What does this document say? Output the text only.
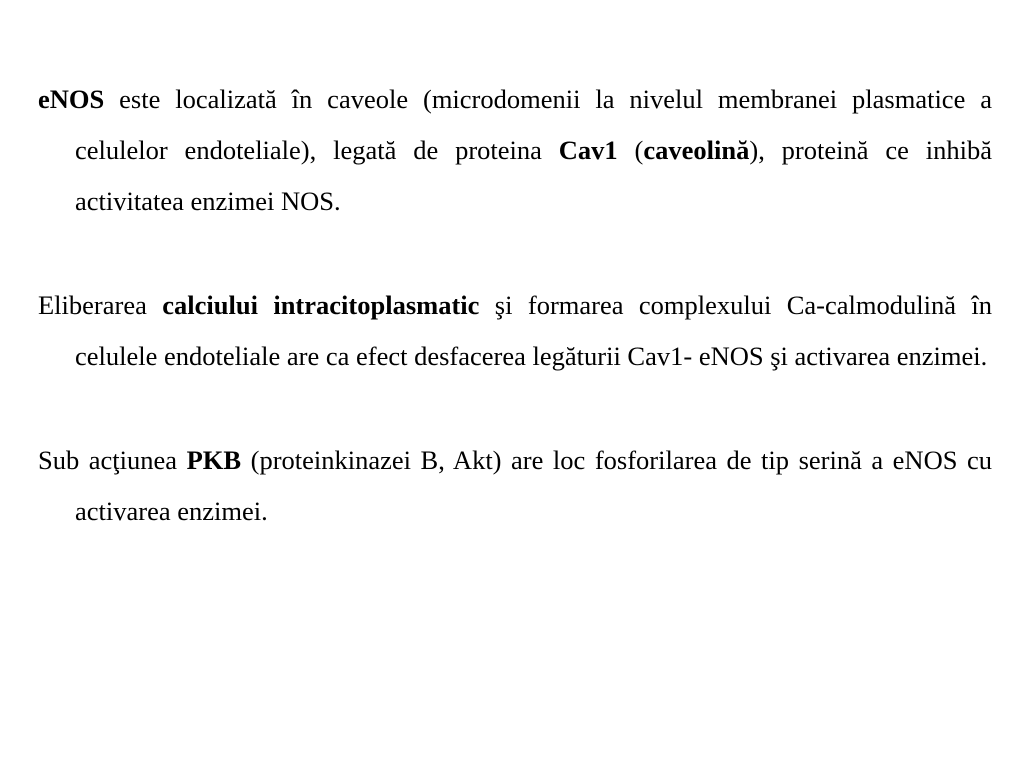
eNOS este localizată în caveole (microdomenii la nivelul membranei plasmatice a celulelor endoteliale), legată de proteina Cav1 (caveolină), proteină ce inhibă activitatea enzimei NOS.

Eliberarea calciului intracitoplasmatic şi formarea complexului Ca-calmodulină în celulele endoteliale are ca efect desfacerea legăturii Cav1- eNOS şi activarea enzimei.

Sub acţiunea PKB (proteinkinazei B, Akt) are loc fosforilarea de tip serină a eNOS cu activarea enzimei.
